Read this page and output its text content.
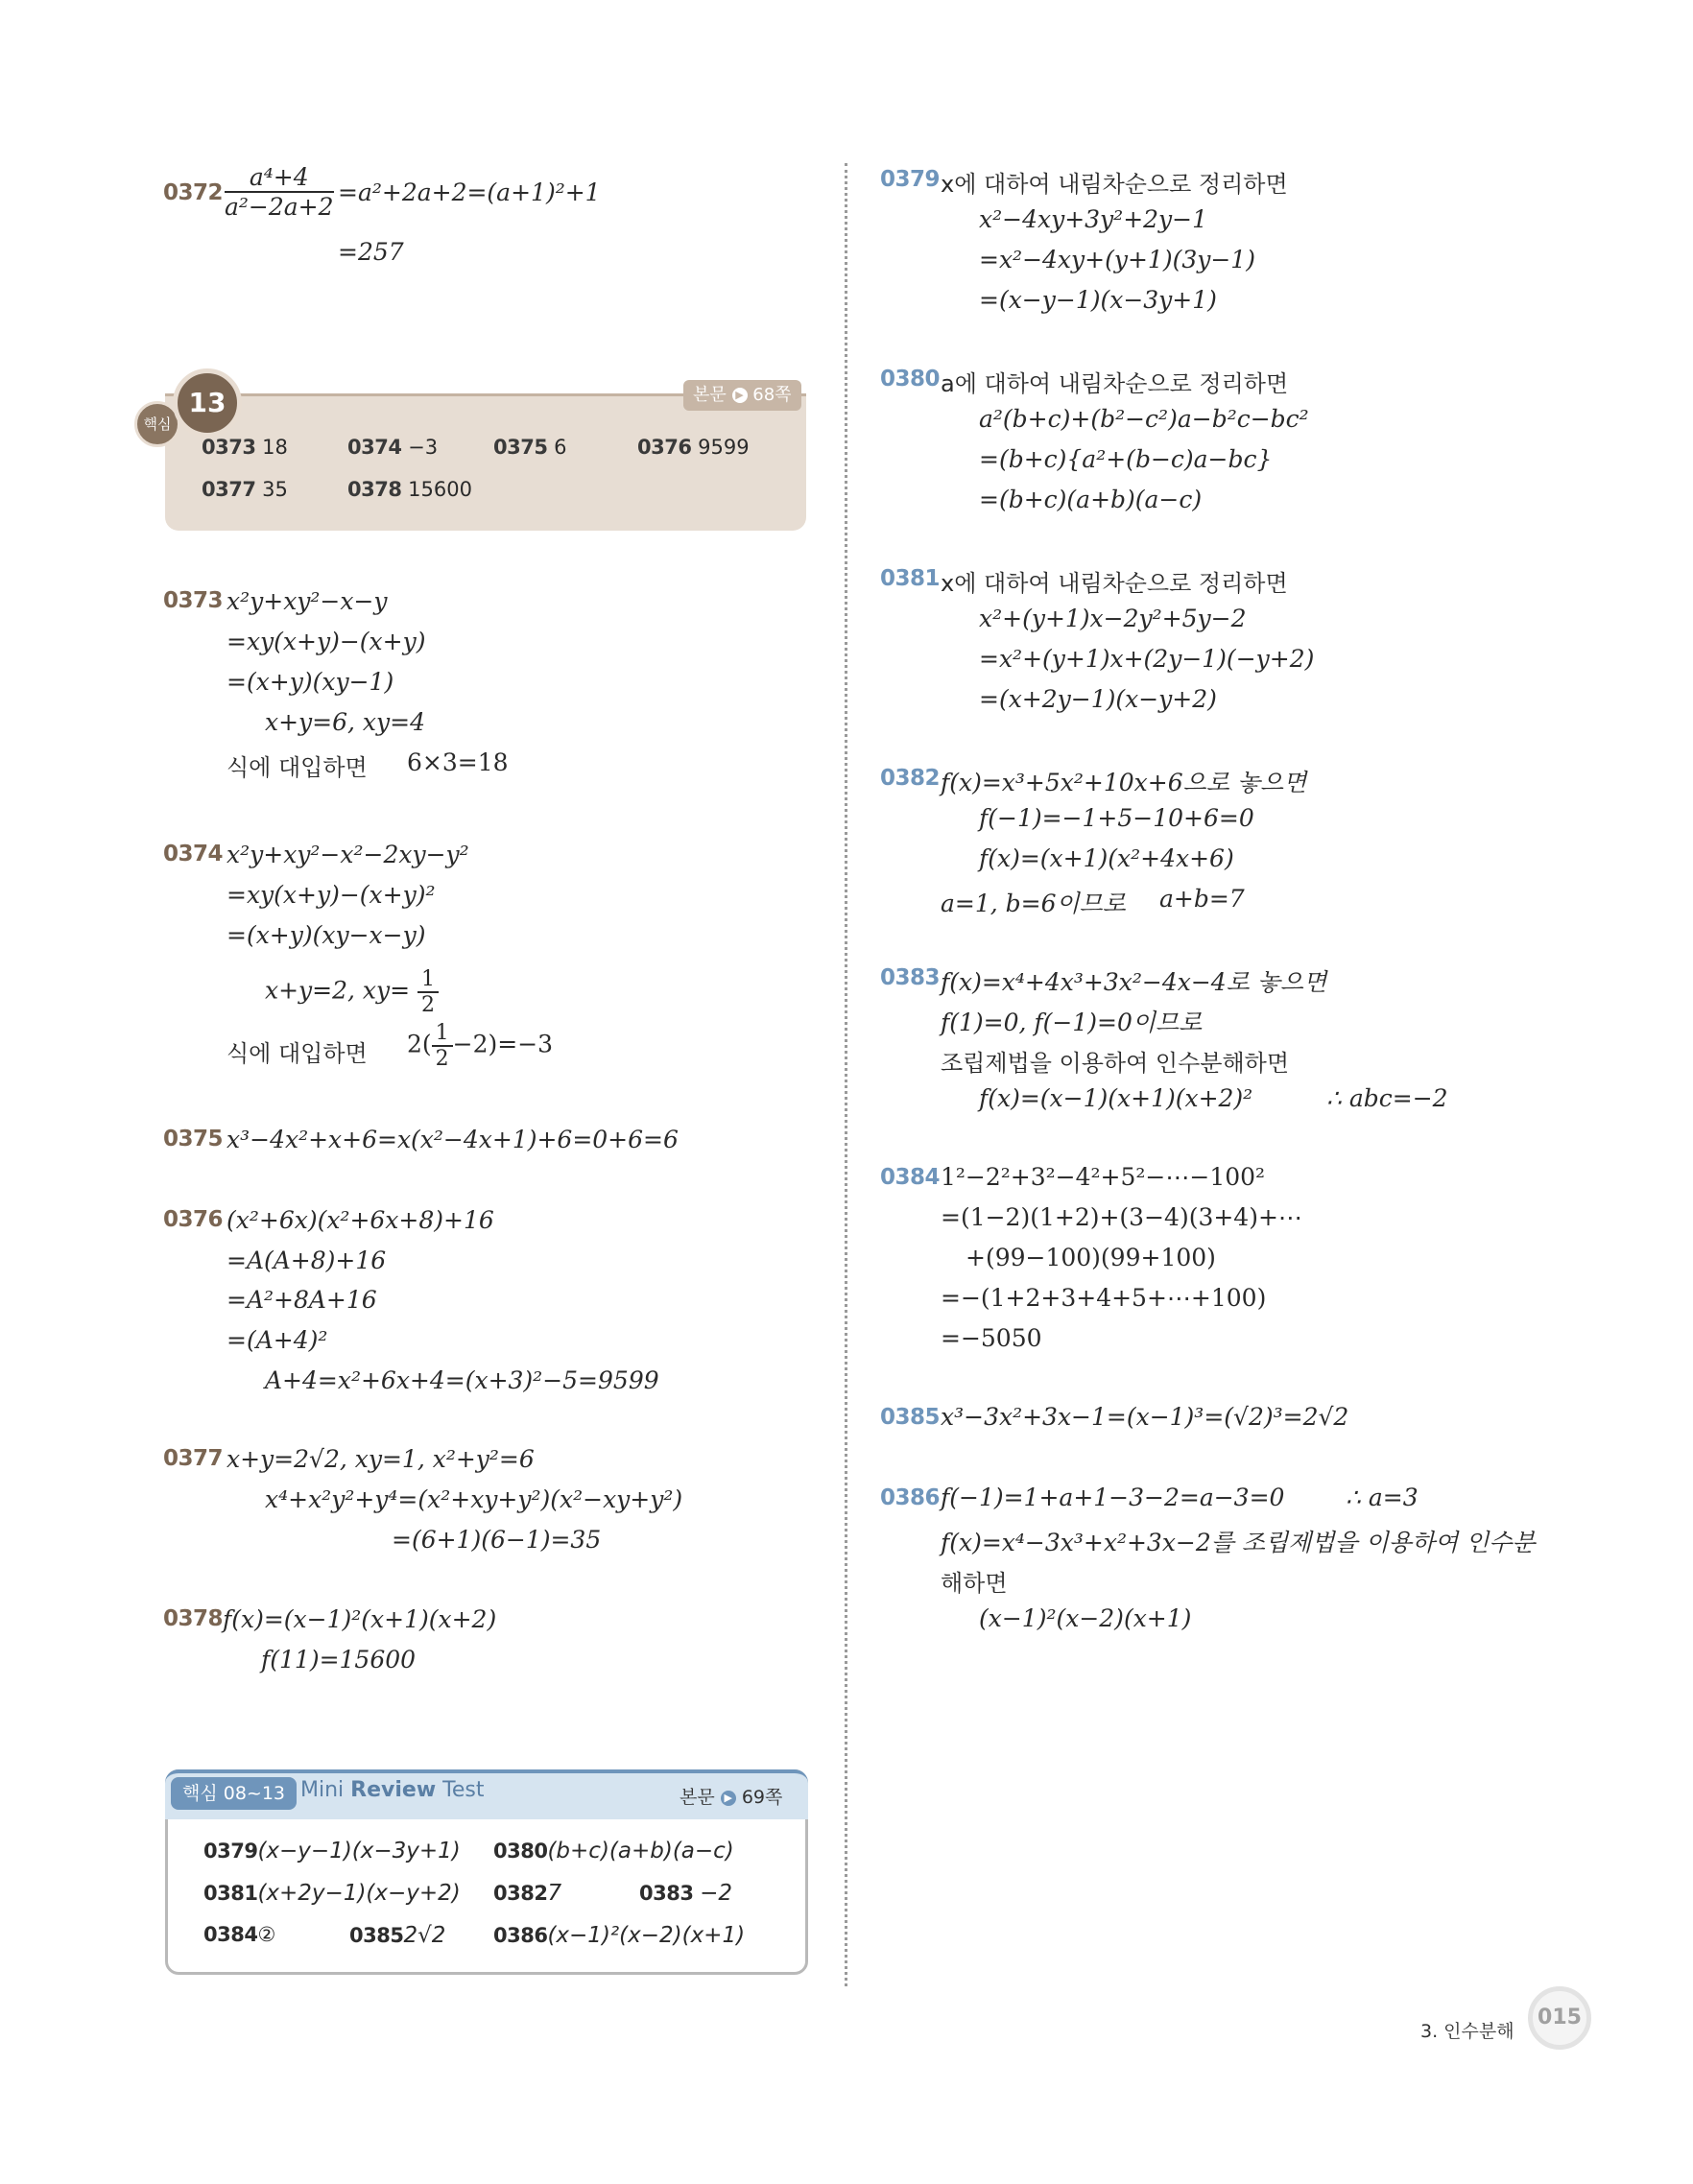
$0372 \frac{\text{a⁴+4}}{\text{a²−2a+2}} =a^2+2a+2=(a+1)^2+1$
=257
핵심
13	본문 ▶ 68쪽
0373 18	0374 −3	0375 6	0376 9599
0377 35	0378 15600
0373 x²y+xy²−x−y
=xy(x+y)−(x+y)
=(x+y)(xy−1)
x+y=6, xy=4
식에 대입하면 6×3=18
0374 x²y+xy²−x²−2xy−y²
=xy(x+y)−(x+y)²
=(x+y)(xy−x−y)
x+y=2, $xy= \frac{1}{2}$
식에 대입하면 $2( \frac{1}{2} -2)=-3$
0375 x³−4x²+x+6=x(x²−4x+1)+6=0+6=6
0376 (x²+6x)(x²+6x+8)+16
=A(A+8)+16
=A²+8A+16
=(A+4)²
A+4=x²+6x+4=(x+3)²−5=9599
0377 x+y=2√2, xy=1, x²+y²=6
x⁴+x²y²+y⁴=(x²+xy+y²)(x²−xy+y²)
=(6+1)(6−1)=35
0378 f(x)=(x−1)²(x+1)(x+2)
f(11)=15600
핵심 08~13 Mini Review Test	본문 ▶ 69쪽
0379(x−y−1)(x−3y+1) 0380(b+c)(a+b)(a−c)
0381(x+2y−1)(x−y+2) 03827	0383 −2
0384②	03852√2 0386(x−1)²(x−2)(x+1)
0379 x에 대하여 내림차순으로 정리하면
x²−4xy+3y²+2y−1
=x²−4xy+(y+1)(3y−1)
=(x−y−1)(x−3y+1)
0380 a에 대하여 내림차순으로 정리하면
a²(b+c)+(b²−c²)a−b²c−bc²
=(b+c){a²+(b−c)a−bc}
=(b+c)(a+b)(a−c)
0381 x에 대하여 내림차순으로 정리하면
x²+(y+1)x−2y²+5y−2
=x²+(y+1)x+(2y−1)(−y+2)
=(x+2y−1)(x−y+2)
0382 f(x)=x³+5x²+10x+6으로 놓으면
f(−1)=−1+5−10+6=0
f(x)=(x+1)(x²+4x+6)
a=1, b=6이므로 a+b=7
0383 f(x)=x⁴+4x³+3x²−4x−4로 놓으면
f(1)=0, f(−1)=0이므로
조립제법을 이용하여 인수분해하면
f(x)=(x−1)(x+1)(x+2)²	∴ abc=−2
0384 1²−2²+3²−4²+5²−⋯−100²
=(1−2)(1+2)+(3−4)(3+4)+⋯
+(99−100)(99+100)
=−(1+2+3+4+5+⋯+100)
=−5050
0385 x³−3x²+3x−1=(x−1)³=(√2)³=2√2
0386 f(−1)=1+a+1−3−2=a−3=0	∴ a=3
f(x)=x⁴−3x³+x²+3x−2를 조립제법을 이용하여 인수분
해하면
(x−1)²(x−2)(x+1)
3. 인수분해
015
